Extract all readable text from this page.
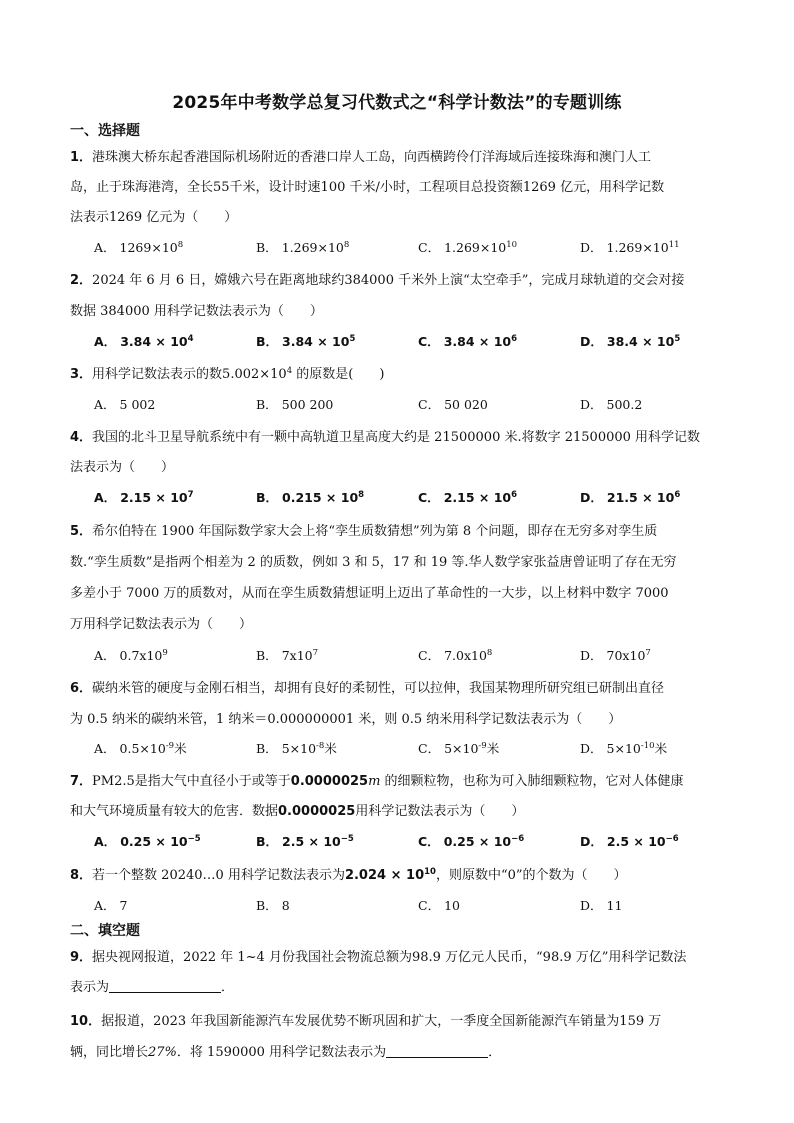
2025年中考数学总复习代数式之“科学计数法”的专题训练
一、选择题
1．港珠澳大桥东起香港国际机场附近的香港口岸人工岛，向西横跨伶仃洋海域后连接珠海和澳门人工
岛，止于珠海港湾，全长55千米，设计时速100 千米/小时，工程项目总投资额1269 亿元，用科学记数
法表示1269 亿元为（　　）
A． $1269\times 10^8$	B． $1.269\times 10^8$	C． $1.269\times 10^{10}$	D． $1.269\times 10^{11}$
2．2024 年 6 月 6 日，嫦娥六号在距离地球约384000 千米外上演“太空牵手”，完成月球轨道的交会对接
数据 384000 用科学记数法表示为（　　）
A． $3.84 \times 10^4$	B． $3.84 \times 10^5$	C． $3.84 \times 10^6$	D． $38.4 \times 10^5$
3．用科学记数法表示的数$5.002\times 10^4$ 的原数是(　　)
A． 5 002	B． 500 200	C． 50 020	D． 500.2
4．我国的北斗卫星导航系统中有一颗中高轨道卫星高度大约是 21500000 米.将数字 21500000 用科学记数
法表示为（　　）
A． $2.15 \times 10^7$	B． $0.215 \times 10^8$	C． $2.15 \times 10^6$	D． $21.5 \times 10^6$
5．希尔伯特在 1900 年国际数学家大会上将“孪生质数猜想”列为第 8 个问题，即存在无穷多对孪生质
数.“孪生质数”是指两个相差为 2 的质数，例如 3 和 5，17 和 19 等.华人数学家张益唐曾证明了存在无穷
多差小于 7000 万的质数对，从而在孪生质数猜想证明上迈出了革命性的一大步，以上材料中数字 7000
万用科学记数法表示为（　　）
A． $0.7x10^9$	B． $7x10^7$	C． $7.0x10^8$	D． $70x10^7$
6．碳纳米管的硬度与金刚石相当，却拥有良好的柔韧性，可以拉伸，我国某物理所研究组已研制出直径
为 0.5 纳米的碳纳米管，1 纳米＝0.000000001 米，则 0.5 纳米用科学记数法表示为（　　）
A． $0.5\times 10^{-9}$米	B． $5\times 10^{-8}$米	C． $5\times 10^{-9}$米	D． $5\times 10^{-10}$米
7．PM2.5是指大气中直径小于或等于0.0000025m 的细颗粒物，也称为可入肺细颗粒物，它对人体健康
和大气环境质量有较大的危害．数据0.0000025用科学记数法表示为（　　）
A． $0.25 \times 10^{-5}$	B． $2.5 \times 10^{-5}$	C． $0.25 \times 10^{-6}$	D． $2.5 \times 10^{-6}$
8．若一个整数 20240…0 用科学记数法表示为$2.024 \times 10^{10}$，则原数中“0”的个数为（　　）
A． 7	B． 8	C． 10	D． 11
二、填空题
9．据央视网报道，2022 年 1~4 月份我国社会物流总额为98.9 万亿元人民币，“98.9 万亿”用科学记数法
表示为	．
10．据报道，2023 年我国新能源汽车发展优势不断巩固和扩大，一季度全国新能源汽车销量为159 万
辆，同比增长27%．将 1590000 用科学记数法表示为	．
